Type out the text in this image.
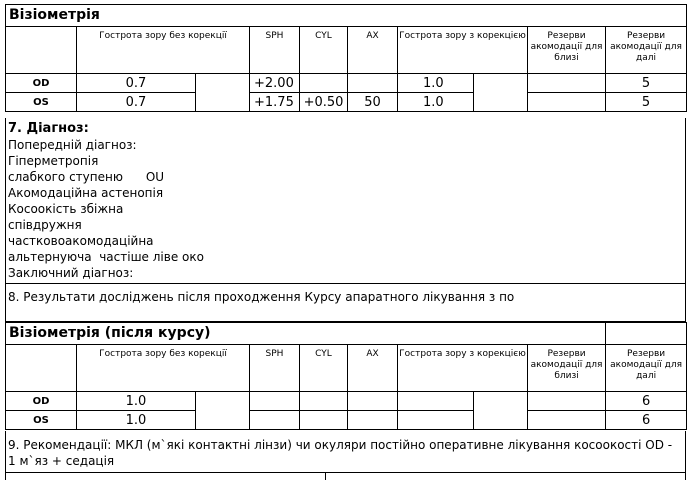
Візіометрія									
	Гострота зору без корекції		SPH	CYL	AX	Гострота зору з корекцією		Резерви акомодації для близі	Резерви акомодації для далі
OD	0.7		+2.00			1.0			5
OS	0.7		+1.75	+0.50	50	1.0			5
7. Діагноз:
Попередній діагноз:
Гіперметропія
слабкого ступеню      OU
Акомодаційна астенопія
Косоокість збіжна
співдружня
частковоакомодаційна
альтернуюча  частіше ліве око
Заключний діагноз:
8. Результати досліджень після проходження Курсу апаратного лікування з по
Візіометрія (після курсу)									
	Гострота зору без корекції		SPH	CYL	AX	Гострота зору з корекцією		Резерви акомодації для близі	Резерви акомодації для далі
OD	1.0								6
OS	1.0								6
9. Рекомендації: МКЛ (м`які контактні лінзи) чи окуляри постійно оперативне лікування косоокості OD - 1 м`яз + седація
